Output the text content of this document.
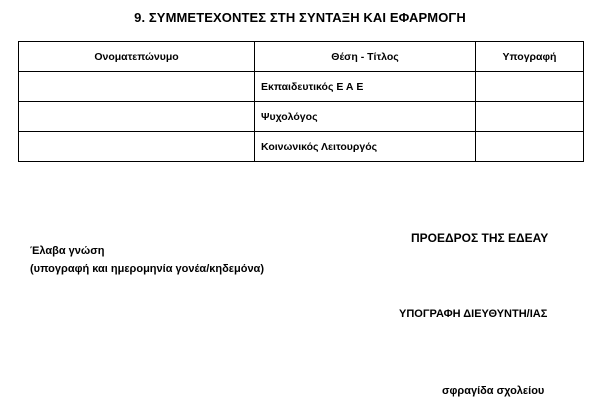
9. ΣΥΜΜΕΤΕΧΟΝΤΕΣ ΣΤΗ ΣΥΝΤΑΞΗ ΚΑΙ ΕΦΑΡΜΟΓΗ
Ονοματεπώνυμο	Θέση - Τίτλος	Υπογραφή
	Εκπαιδευτικός Ε Α Ε	
	Ψυχολόγος	
	Κοινωνικός Λειτουργός	
ΠΡΟΕΔΡΟΣ ΤΗΣ ΕΔΕΑΥ
Έλαβα γνώση
(υπογραφή και ημερομηνία γονέα/κηδεμόνα)
ΥΠΟΓΡΑΦΗ ΔΙΕΥΘΥΝΤΗ/ΙΑΣ
σφραγίδα σχολείου
